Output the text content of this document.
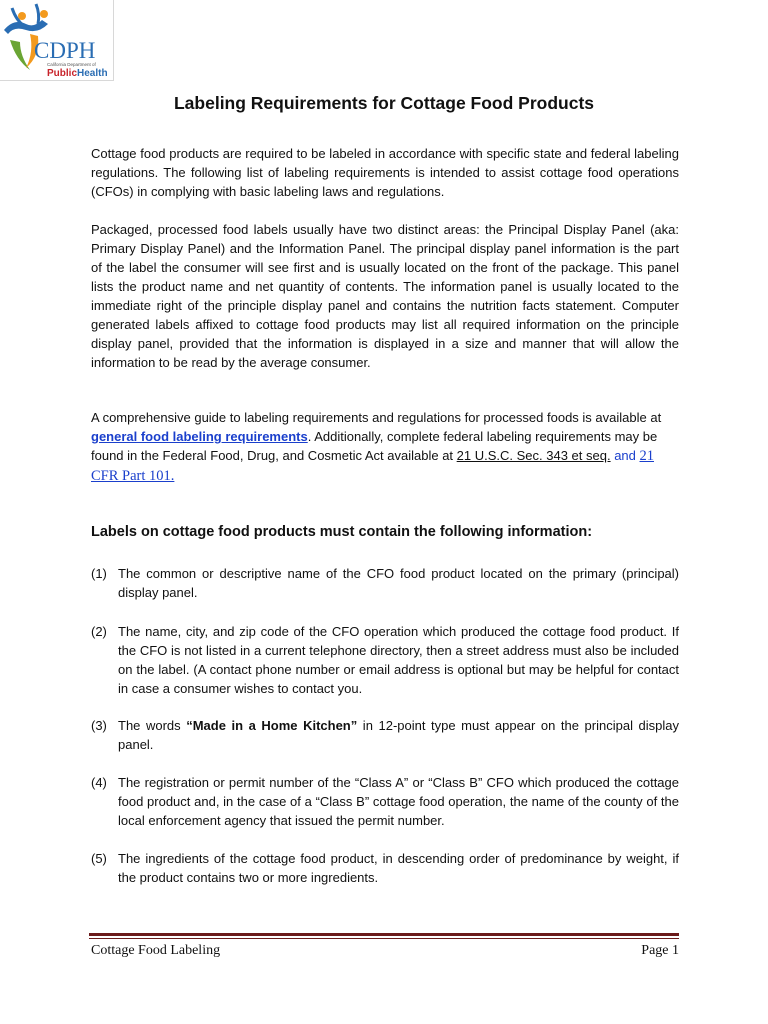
CDPH
California Department of
PublicHealth
Labeling Requirements for Cottage Food Products

Cottage food products are required to be labeled in accordance with specific state and federal labeling regulations. The following list of labeling requirements is intended to assist cottage food operations (CFOs) in complying with basic labeling laws and regulations.

Packaged, processed food labels usually have two distinct areas: the Principal Display Panel (aka: Primary Display Panel) and the Information Panel. The principal display panel information is the part of the label the consumer will see first and is usually located on the front of the package. This panel lists the product name and net quantity of contents. The information panel is usually located to the immediate right of the principle display panel and contains the nutrition facts statement. Computer generated labels affixed to cottage food products may list all required information on the principle display panel, provided that the information is displayed in a size and manner that will allow the information to be read by the average consumer.

A comprehensive guide to labeling requirements and regulations for processed foods is available at general food labeling requirements. Additionally, complete federal labeling requirements may be found in the Federal Food, Drug, and Cosmetic Act available at 21 U.S.C. Sec. 343 et seq. and 21 CFR Part 101.

Labels on cottage food products must contain the following information:

(1) The common or descriptive name of the CFO food product located on the primary (principal) display panel.
(2) The name, city, and zip code of the CFO operation which produced the cottage food product. If the CFO is not listed in a current telephone directory, then a street address must also be included on the label. (A contact phone number or email address is optional but may be helpful for contact in case a consumer wishes to contact you.
(3) The words “Made in a Home Kitchen” in 12-point type must appear on the principal display panel.
(4) The registration or permit number of the “Class A” or “Class B” CFO which produced the cottage food product and, in the case of a “Class B” cottage food operation, the name of the county of the local enforcement agency that issued the permit number.
(5) The ingredients of the cottage food product, in descending order of predominance by weight, if the product contains two or more ingredients.
Cottage Food Labeling	Page 1
